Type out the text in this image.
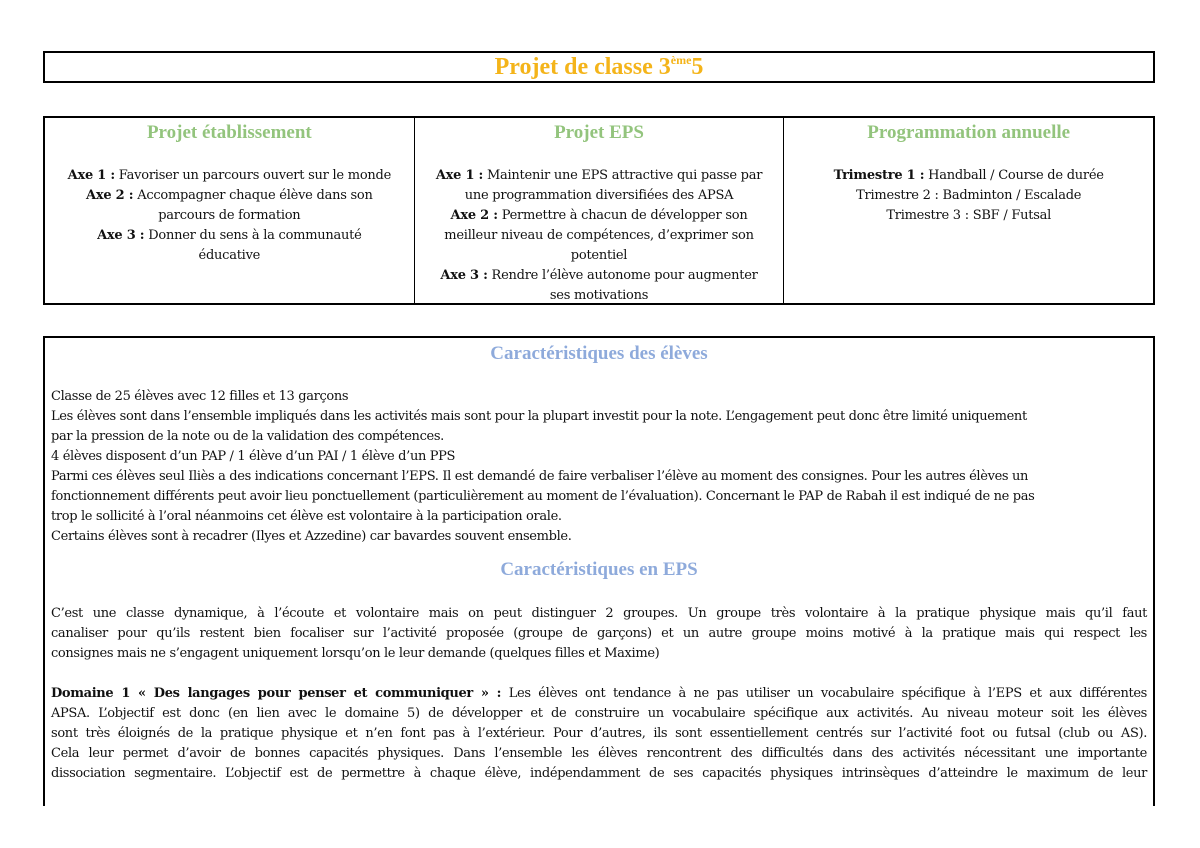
Projet de classe 3ème5
Projet établissement
Axe 1 : Favoriser un parcours ouvert sur le monde
Axe 2 : Accompagner chaque élève dans son
parcours de formation
Axe 3 : Donner du sens à la communauté
éducative
Projet EPS
Axe 1 : Maintenir une EPS attractive qui passe par
une programmation diversifiées des APSA
Axe 2 : Permettre à chacun de développer son
meilleur niveau de compétences, d’exprimer son
potentiel
Axe 3 : Rendre l’élève autonome pour augmenter
ses motivations
Programmation annuelle
Trimestre 1 : Handball / Course de durée
Trimestre 2 : Badminton / Escalade
Trimestre 3 : SBF / Futsal
Caractéristiques des élèves

Classe de 25 élèves avec 12 filles et 13 garçons
Les élèves sont dans l’ensemble impliqués dans les activités mais sont pour la plupart investit pour la note. L’engagement peut donc être limité uniquement
par la pression de la note ou de la validation des compétences.
4 élèves disposent d’un PAP / 1 élève d’un PAI / 1 élève d’un PPS
Parmi ces élèves seul Iliès a des indications concernant l’EPS. Il est demandé de faire verbaliser l’élève au moment des consignes. Pour les autres élèves un
fonctionnement différents peut avoir lieu ponctuellement (particulièrement au moment de l’évaluation). Concernant le PAP de Rabah il est indiqué de ne pas
trop le sollicité à l’oral néanmoins cet élève est volontaire à la participation orale.
Certains élèves sont à recadrer (Ilyes et Azzedine) car bavardes souvent ensemble.

Caractéristiques en EPS

C’est une classe dynamique, à l’écoute et volontaire mais on peut distinguer 2 groupes. Un groupe très volontaire à la pratique physique mais qu’il faut
canaliser pour qu’ils restent bien focaliser sur l’activité proposée (groupe de garçons) et un autre groupe moins motivé à la pratique mais qui respect les
consignes mais ne s’engagent uniquement lorsqu’on le leur demande (quelques filles et Maxime)

Domaine 1 « Des langages pour penser et communiquer » : Les élèves ont tendance à ne pas utiliser un vocabulaire spécifique à l’EPS et aux différentes
APSA. L’objectif est donc (en lien avec le domaine 5) de développer et de construire un vocabulaire spécifique aux activités. Au niveau moteur soit les élèves
sont très éloignés de la pratique physique et n’en font pas à l’extérieur. Pour d’autres, ils sont essentiellement centrés sur l’activité foot ou futsal (club ou AS).
Cela leur permet d’avoir de bonnes capacités physiques. Dans l’ensemble les élèves rencontrent des difficultés dans des activités nécessitant une importante
dissociation segmentaire. L’objectif est de permettre à chaque élève, indépendamment de ses capacités physiques intrinsèques d’atteindre le maximum de leur
